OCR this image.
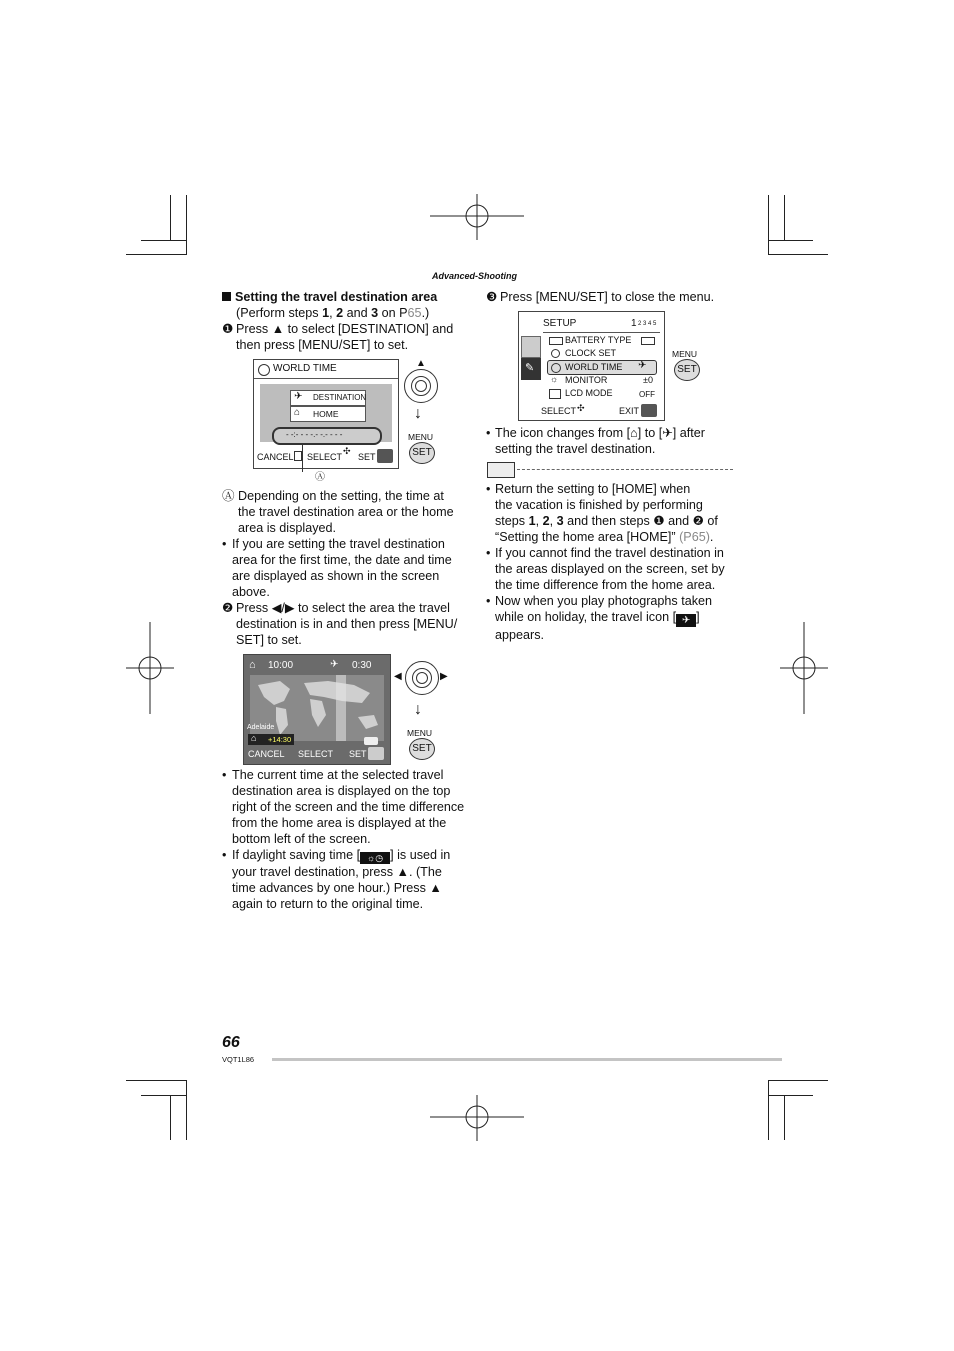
Advanced-Shooting
Setting the travel destination area
(Perform steps 1, 2 and 3 on P65.)
❶ Press ▲ to select [DESTINATION] and
then press [MENU/SET] to set.
WORLD TIME
✈ DESTINATION
⌂ HOME
- -:- - - -.- -.- - - -
CANCEL SELECT
✣
SET
Ⓐ
▲
↓
MENU
SET
Ⓐ Depending on the setting, the time at
the travel destination area or the home
area is displayed.
• If you are setting the travel destination
area for the first time, the date and time
are displayed as shown in the screen
above.
❷ Press ◀/▶ to select the area the travel
destination is in and then press [MENU/
SET] to set.
⌂ 10:00	✈ 0:30
Adelaide
⌂ +14:30
CANCEL SELECT SET
◀	▶
↓
MENU
SET
• The current time at the selected travel
destination area is displayed on the top
right of the screen and the time difference
from the home area is displayed at the
bottom left of the screen.
• If daylight saving time [ ☼◷ ] is used in
your travel destination, press ▲. (The
time advances by one hour.) Press ▲
again to return to the original time.
❸ Press [MENU/SET] to close the menu.
✎
SETUP	1 2 3 4 5
BATTERY TYPE
CLOCK SET
WORLD TIME ✈
☼ MONITOR	±0
LCD MODE	OFF
SELECT ✣	EXIT
MENU
SET
• The icon changes from [⌂] to [✈] after
setting the travel destination.
• Return the setting to [HOME] when
the vacation is finished by performing
steps 1, 2, 3 and then steps ❶ and ❷ of
“Setting the home area [HOME]” (P65).
• If you cannot find the travel destination in
the areas displayed on the screen, set by
the time difference from the home area.
• Now when you play photographs taken
while on holiday, the travel icon [ ✈ ]
appears.
66
VQT1L86
